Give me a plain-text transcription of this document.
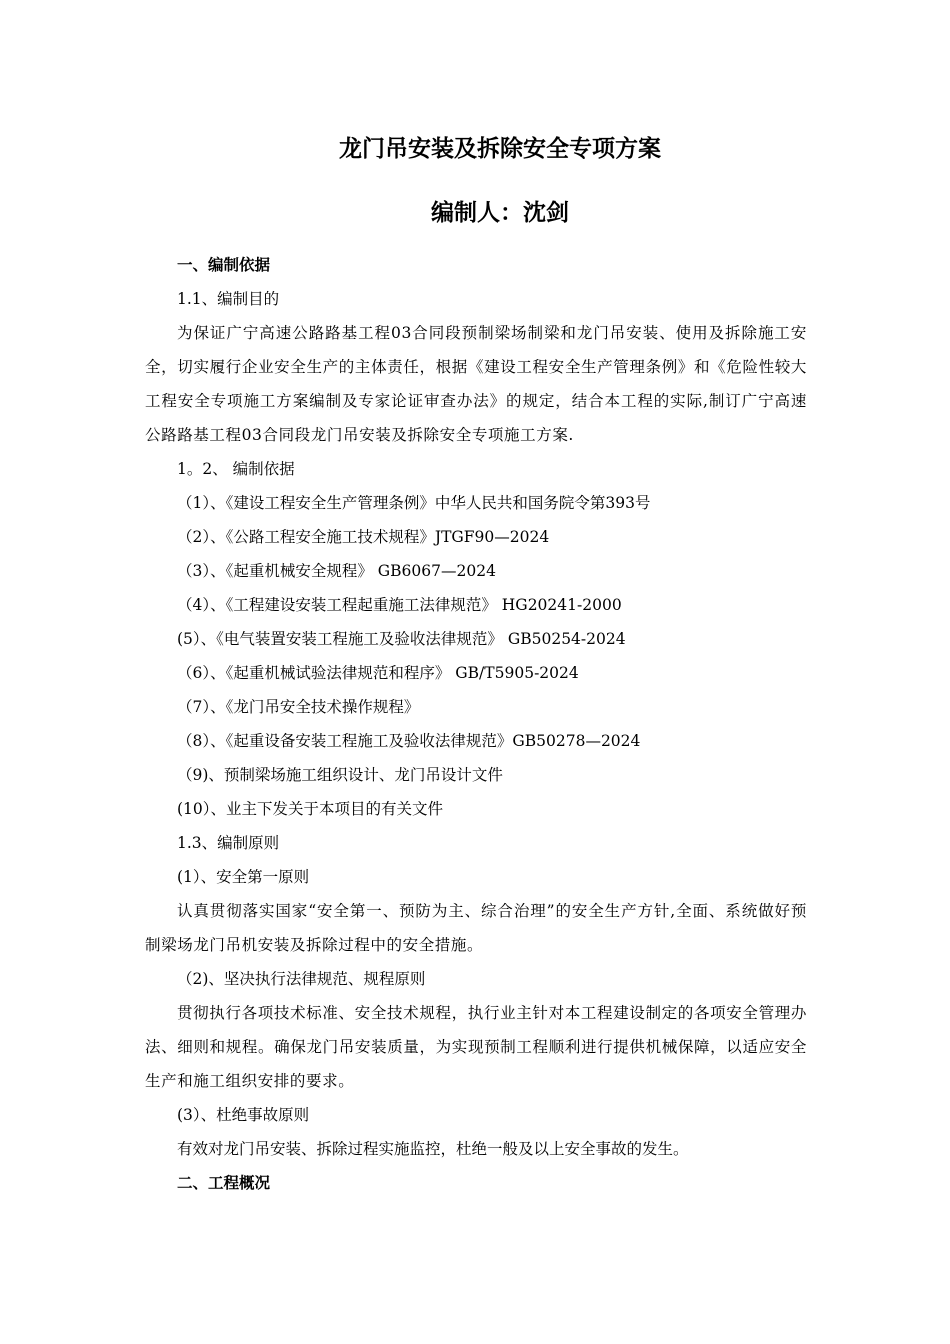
龙门吊安装及拆除安全专项方案
编制人：沈剑

一、编制依据

1.1、编制目的

为保证广宁高速公路路基工程03合同段预制梁场制梁和龙门吊安装、使用及拆除施工安全，切实履行企业安全生产的主体责任，根据《建设工程安全生产管理条例》和《危险性较大工程安全专项施工方案编制及专家论证审查办法》的规定，结合本工程的实际,制订广宁高速公路路基工程03合同段龙门吊安装及拆除安全专项施工方案.

1。2、 编制依据

（1）、《建设工程安全生产管理条例》中华人民共和国务院令第393号

（2）、《公路工程安全施工技术规程》JTGF90—2024

（3）、《起重机械安全规程》 GB6067—2024

（4）、《工程建设安装工程起重施工法律规范》 HG20241-2000

(5）、《电气装置安装工程施工及验收法律规范》 GB50254-2024

（6）、《起重机械试验法律规范和程序》 GB/T5905-2024

（7）、《龙门吊安全技术操作规程》

（8）、《起重设备安装工程施工及验收法律规范》GB50278—2024

（9)、预制梁场施工组织设计、龙门吊设计文件

(10）、业主下发关于本项目的有关文件

1.3、编制原则

(1）、安全第一原则

认真贯彻落实国家“安全第一、预防为主、综合治理”的安全生产方针,全面、系统做好预制梁场龙门吊机安装及拆除过程中的安全措施。

（2)、坚决执行法律规范、规程原则

贯彻执行各项技术标准、安全技术规程，执行业主针对本工程建设制定的各项安全管理办法、细则和规程。确保龙门吊安装质量，为实现预制工程顺利进行提供机械保障，以适应安全生产和施工组织安排的要求。

(3）、杜绝事故原则

有效对龙门吊安装、拆除过程实施监控，杜绝一般及以上安全事故的发生。

二、工程概况
